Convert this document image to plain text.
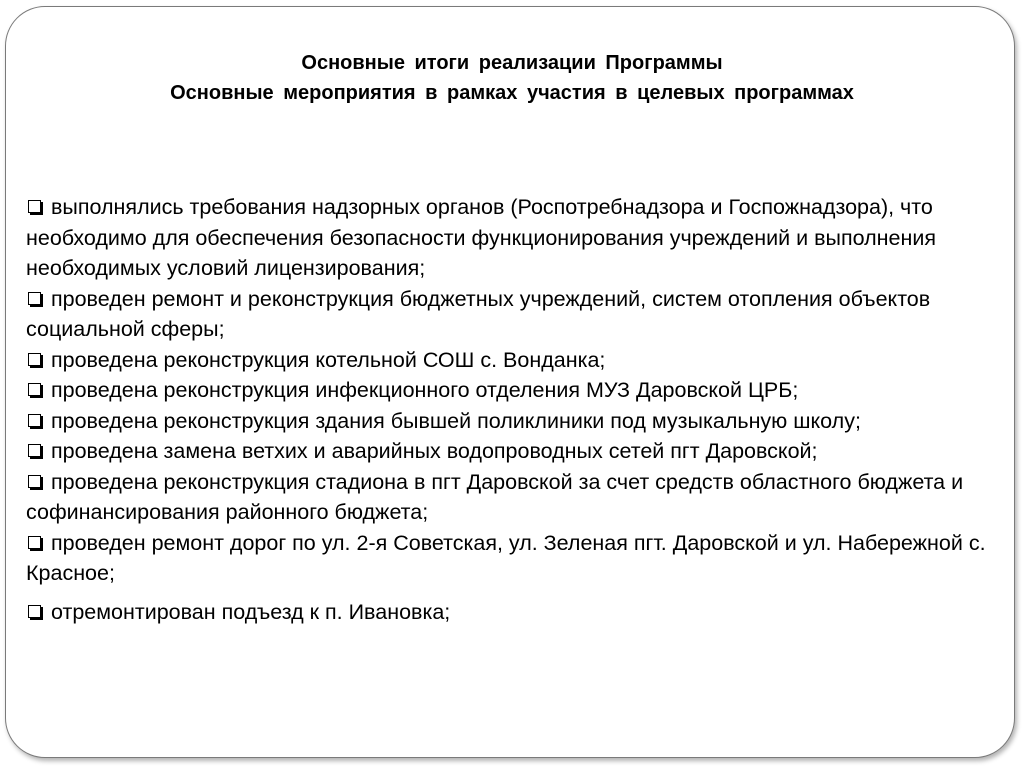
Основные итоги реализации Программы
Основные мероприятия в рамках участия в целевых программах

выполнялись требования надзорных органов (Роспотребнадзора и Госпожнадзора), что необходимо для обеспечения безопасности функционирования учреждений и выполнения необходимых условий лицензирования;

проведен ремонт и реконструкция бюджетных учреждений, систем отопления объектов социальной сферы;

проведена реконструкция котельной СОШ с. Вонданка;

проведена реконструкция инфекционного отделения МУЗ Даровской ЦРБ;

проведена реконструкция здания бывшей поликлиники под музыкальную школу;

проведена замена ветхих и аварийных водопроводных сетей пгт Даровской;

проведена реконструкция стадиона в пгт Даровской за счет средств областного бюджета и софинансирования районного бюджета;

проведен ремонт дорог по ул. 2-я Советская, ул. Зеленая пгт. Даровской и ул. Набережной с. Красное;

отремонтирован подъезд к п. Ивановка;
